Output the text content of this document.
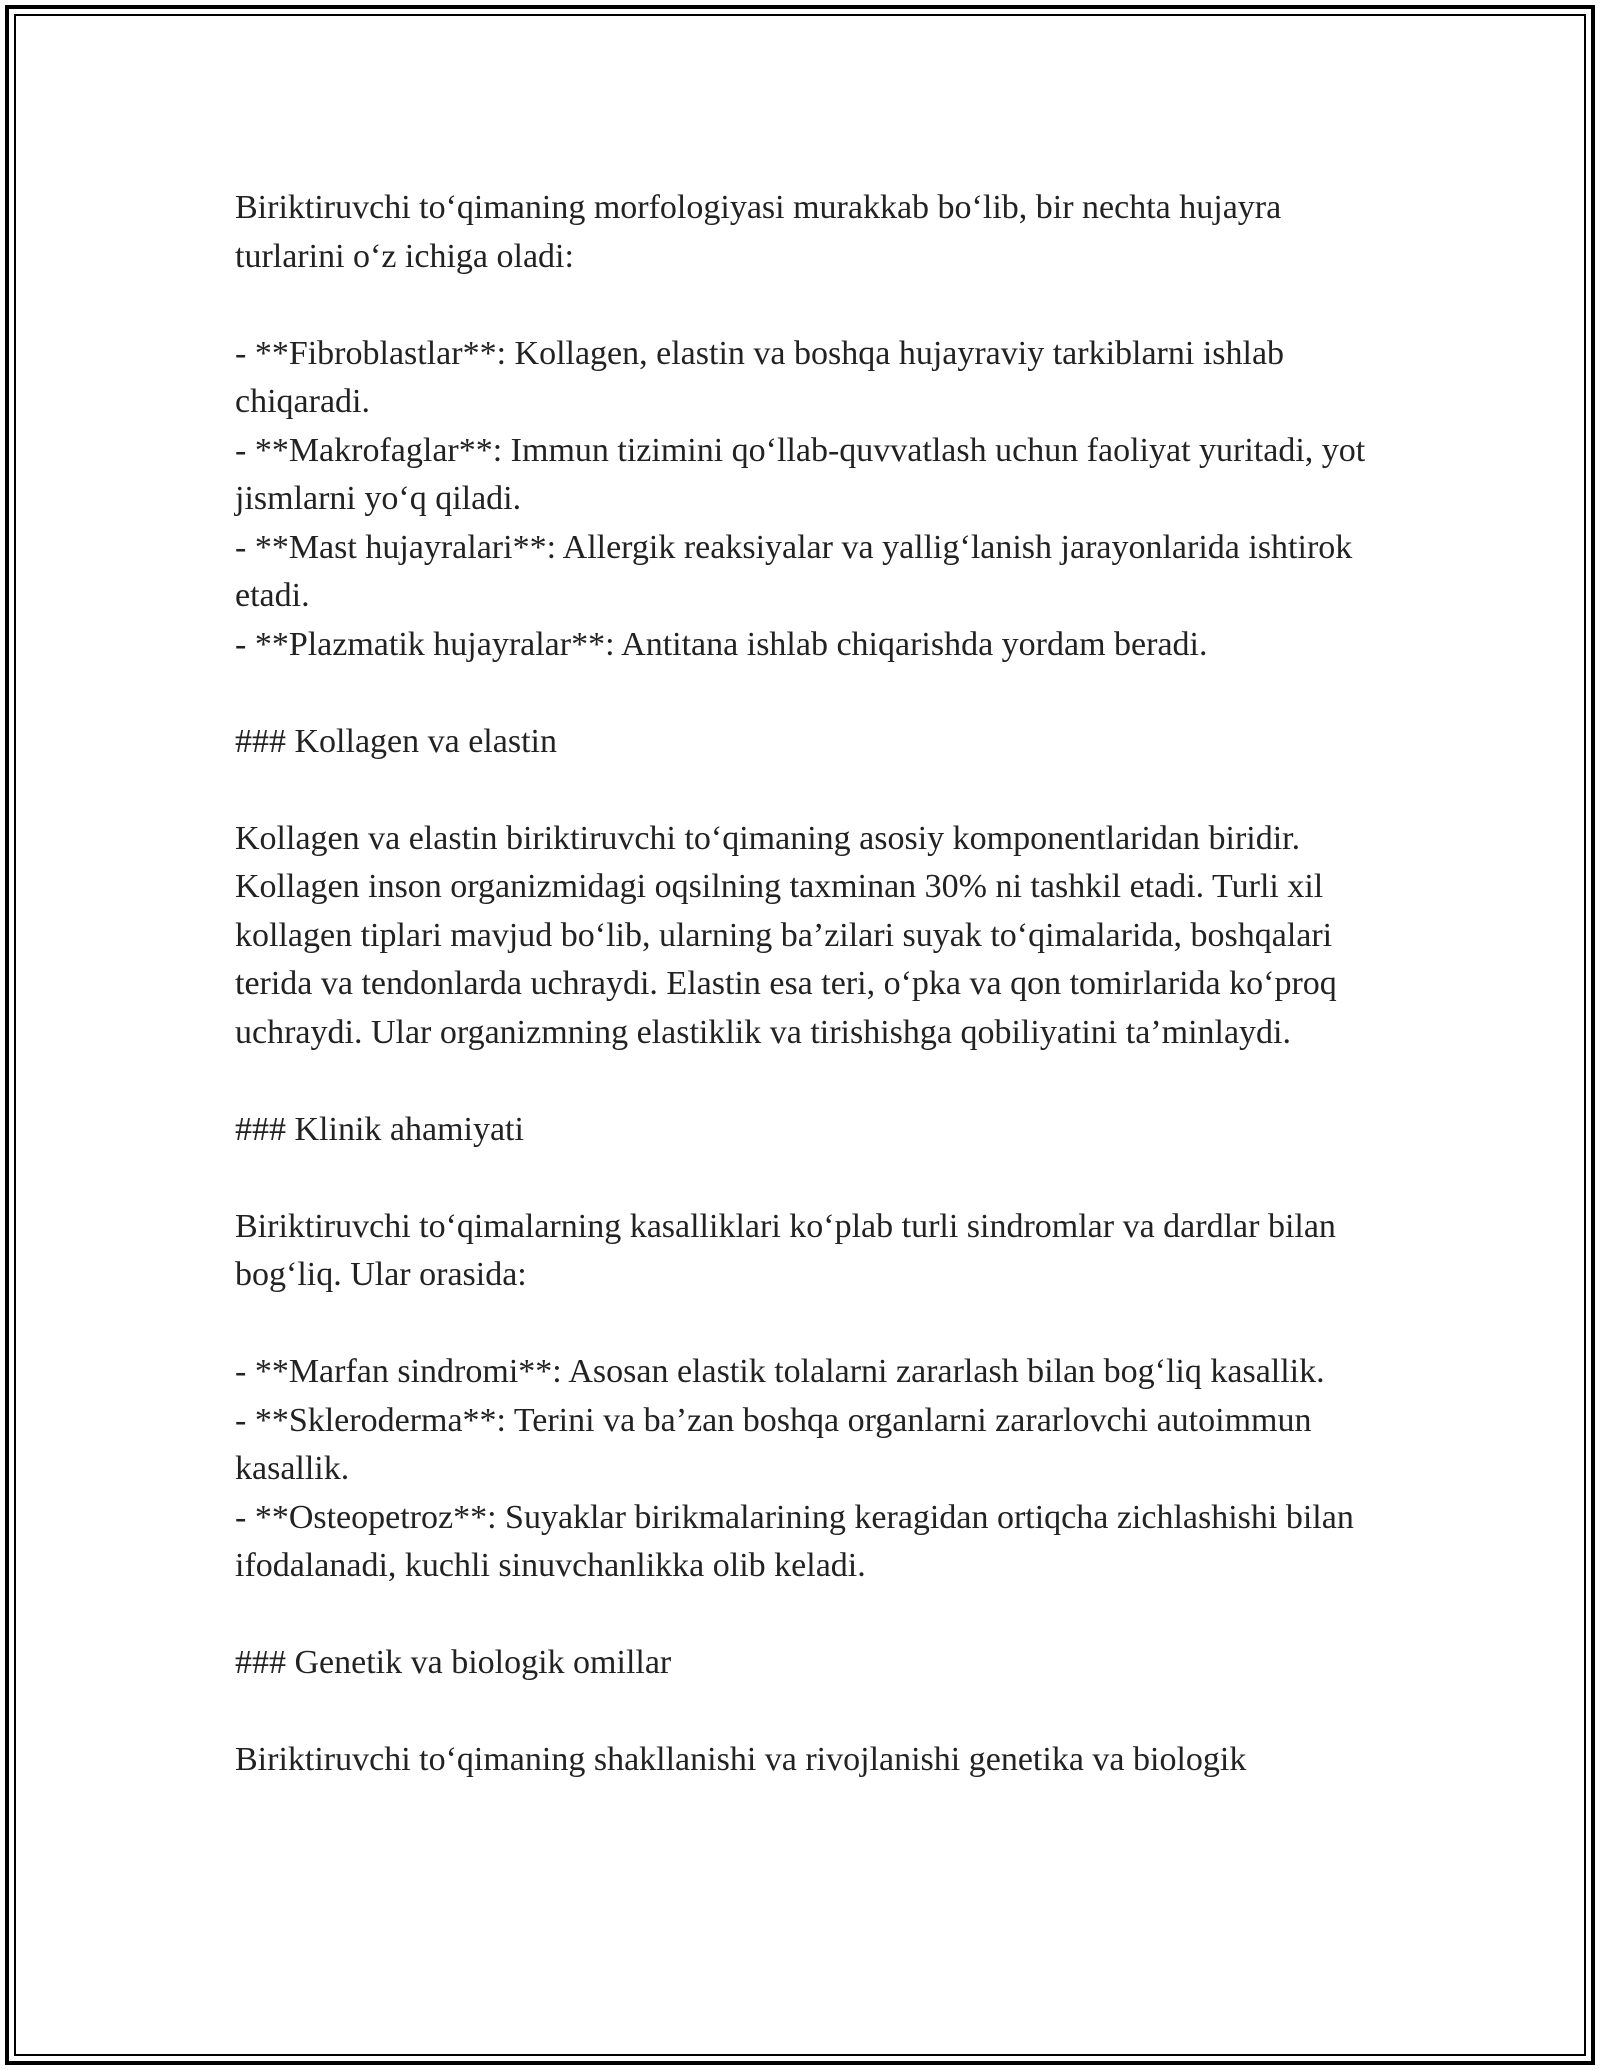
Biriktiruvchi to‘qimaning morfologiyasi murakkab bo‘lib, bir nechta hujayra turlarini o‘z ichiga oladi:

- **Fibroblastlar**: Kollagen, elastin va boshqa hujayraviy tarkiblarni ishlab chiqaradi.

- **Makrofaglar**: Immun tizimini qo‘llab-quvvatlash uchun faoliyat yuritadi, yot jismlarni yo‘q qiladi.

- **Mast hujayralari**: Allergik reaksiyalar va yallig‘lanish jarayonlarida ishtirok etadi.

- **Plazmatik hujayralar**: Antitana ishlab chiqarishda yordam beradi.

### Kollagen va elastin

Kollagen va elastin biriktiruvchi to‘qimaning asosiy komponentlaridan biridir. Kollagen inson organizmidagi oqsilning taxminan 30% ni tashkil etadi. Turli xil kollagen tiplari mavjud bo‘lib, ularning ba’zilari suyak to‘qimalarida, boshqalari terida va tendonlarda uchraydi. Elastin esa teri, o‘pka va qon tomirlarida ko‘proq uchraydi. Ular organizmning elastiklik va tirishishga qobiliyatini ta’minlaydi.

### Klinik ahamiyati

Biriktiruvchi to‘qimalarning kasalliklari ko‘plab turli sindromlar va dardlar bilan bog‘liq. Ular orasida:

- **Marfan sindromi**: Asosan elastik tolalarni zararlash bilan bog‘liq kasallik.

- **Skleroderma**: Terini va ba’zan boshqa organlarni zararlovchi autoimmun kasallik.

- **Osteopetroz**: Suyaklar birikmalarining keragidan ortiqcha zichlashishi bilan ifodalanadi, kuchli sinuvchanlikka olib keladi.

### Genetik va biologik omillar

Biriktiruvchi to‘qimaning shakllanishi va rivojlanishi genetika va biologik
